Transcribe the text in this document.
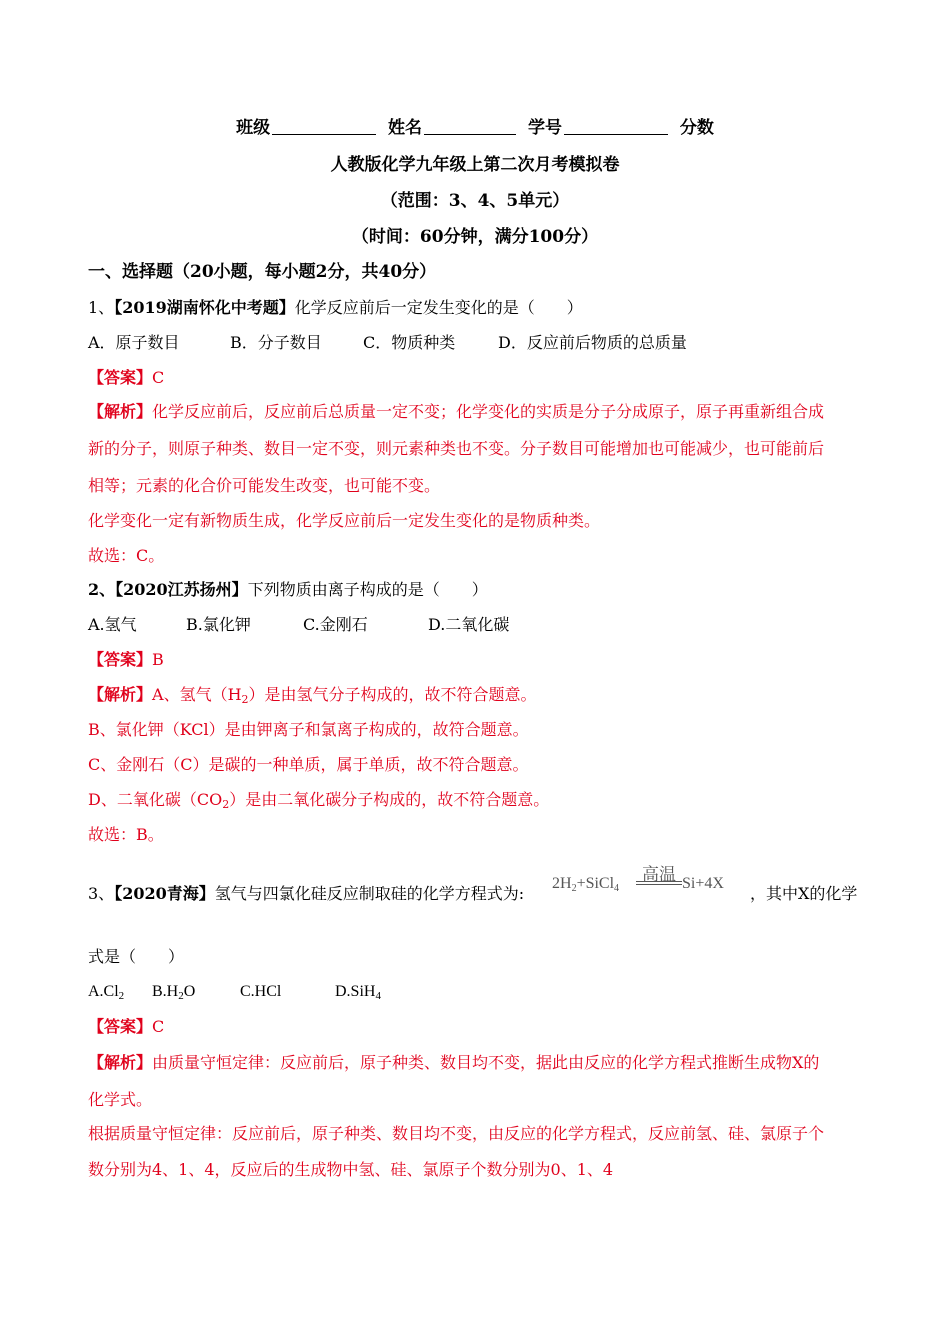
班级	姓名	学号	分数
人教版化学九年级上第二次月考模拟卷
（范围：3、4、5单元）
（时间：60分钟，满分100分）
一、选择题（20小题，每小题2分，共40分）
1、【2019湖南怀化中考题】化学反应前后一定发生变化的是（　　）
A．原子数目	B．分子数目	C．物质种类	D．反应前后物质的总质量
【答案】C
【解析】化学反应前后，反应前后总质量一定不变；化学变化的实质是分子分成原子，原子再重新组合成
新的分子，则原子种类、数目一定不变，则元素种类也不变。分子数目可能增加也可能减少，也可能前后
相等；元素的化合价可能发生改变，也可能不变。
化学变化一定有新物质生成，化学反应前后一定发生变化的是物质种类。
故选：C。
2、【2020江苏扬州】下列物质由离子构成的是（　　）
A.氢气	B.氯化钾	C.金刚石	D.二氧化碳
【答案】B
【解析】A、氢气$(H_2)$是由氢气分子构成的，故不符合题意。
B、氯化钾（KCl）是由钾离子和氯离子构成的，故符合题意。
C、金刚石（C）是碳的一种单质，属于单质，故不符合题意。
D、二氧化碳$(CO_2)$是由二氧化碳分子构成的，故不符合题意。
故选：B。
3、【2020青海】氢气与四氯化硅反应制取硅的化学方程式为:
$2H_2+SiCl_4$
高温 Si+4X
，其中X的化学
式是（　　）
$A.Cl_2$ $B.H_2O$	C.HCl	D.SiH$_4$
【答案】C
【解析】由质量守恒定律：反应前后，原子种类、数目均不变，据此由反应的化学方程式推断生成物X的
化学式。
根据质量守恒定律：反应前后，原子种类、数目均不变，由反应的化学方程式，反应前氢、硅、氯原子个
数分别为4、1、4，反应后的生成物中氢、硅、氯原子个数分别为0、1、4
